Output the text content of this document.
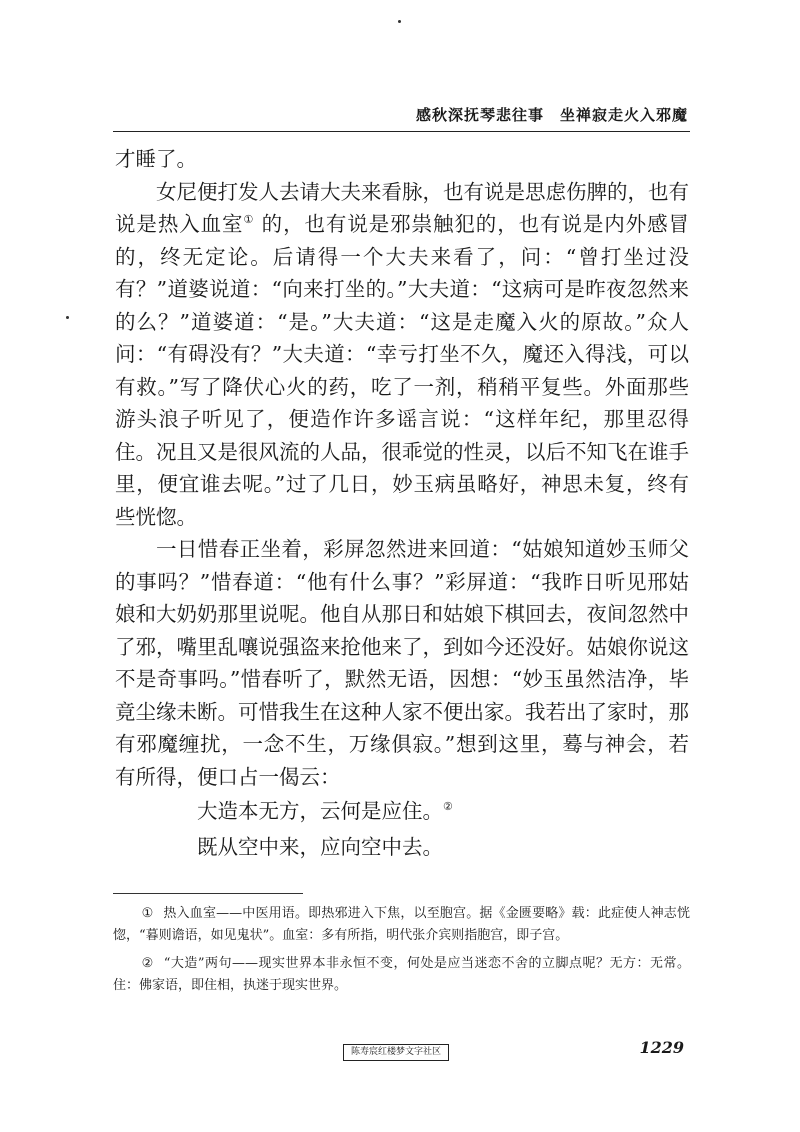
感秋深抚琴悲往事 坐禅寂走火入邪魔

才睡了。

女尼便打发人去请大夫来看脉，也有说是思虑伤脾的，也有说是热入血室① 的，也有说是邪祟触犯的，也有说是内外感冒的，终无定论。后请得一个大夫来看了，问：“曾打坐过没有？”道婆说道：“向来打坐的。”大夫道：“这病可是昨夜忽然来的么？”道婆道：“是。”大夫道：“这是走魔入火的原故。”众人问：“有碍没有？”大夫道：“幸亏打坐不久，魔还入得浅，可以有救。”写了降伏心火的药，吃了一剂，稍稍平复些。外面那些游头浪子听见了，便造作许多谣言说：“这样年纪，那里忍得住。况且又是很风流的人品，很乖觉的性灵，以后不知飞在谁手里，便宜谁去呢。”过了几日，妙玉病虽略好，神思未复，终有些恍惚。

一日惜春正坐着，彩屏忽然进来回道：“姑娘知道妙玉师父的事吗？”惜春道：“他有什么事？”彩屏道：“我昨日听见邢姑娘和大奶奶那里说呢。他自从那日和姑娘下棋回去，夜间忽然中了邪，嘴里乱嚷说强盗来抢他来了，到如今还没好。姑娘你说这不是奇事吗。”惜春听了，默然无语，因想：“妙玉虽然洁净，毕竟尘缘未断。可惜我生在这种人家不便出家。我若出了家时，那有邪魔缠扰，一念不生，万缘俱寂。”想到这里，蓦与神会，若有所得，便口占一偈云：

大造本无方，云何是应住。②

既从空中来，应向空中去。

① 热入血室——中医用语。即热邪进入下焦，以至胞宫。据《金匮要略》载：此症使人神志恍惚，“暮则谵语，如见鬼状”。血室：多有所指，明代张介宾则指胞宫，即子宫。

② “大造”两句——现实世界本非永恒不变，何处是应当迷恋不舍的立脚点呢？无方：无常。住：佛家语，即住相，执迷于现实世界。

陈寿宸红楼梦文字社区	1229
